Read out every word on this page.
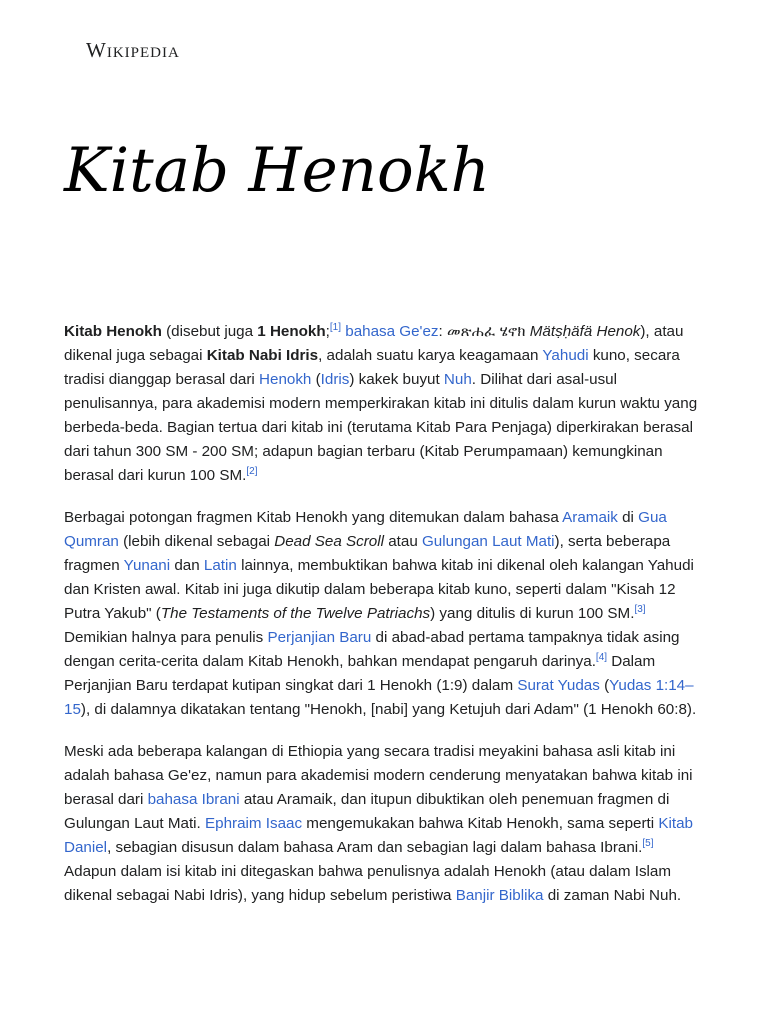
Wikipedia
Kitab Henokh

Kitab Henokh (disebut juga 1 Henokh;[1] bahasa Ge'ez: መጽሐፈ ሄኖክ Mätṣḥäfä Henok), atau dikenal juga sebagai Kitab Nabi Idris, adalah suatu karya keagamaan Yahudi kuno, secara tradisi dianggap berasal dari Henokh (Idris) kakek buyut Nuh. Dilihat dari asal-usul penulisannya, para akademisi modern memperkirakan kitab ini ditulis dalam kurun waktu yang berbeda-beda. Bagian tertua dari kitab ini (terutama Kitab Para Penjaga) diperkirakan berasal dari tahun 300 SM - 200 SM; adapun bagian terbaru (Kitab Perumpamaan) kemungkinan berasal dari kurun 100 SM.[2]

Berbagai potongan fragmen Kitab Henokh yang ditemukan dalam bahasa Aramaik di Gua Qumran (lebih dikenal sebagai Dead Sea Scroll atau Gulungan Laut Mati), serta beberapa fragmen Yunani dan Latin lainnya, membuktikan bahwa kitab ini dikenal oleh kalangan Yahudi dan Kristen awal. Kitab ini juga dikutip dalam beberapa kitab kuno, seperti dalam "Kisah 12 Putra Yakub" (The Testaments of the Twelve Patriachs) yang ditulis di kurun 100 SM.[3] Demikian halnya para penulis Perjanjian Baru di abad-abad pertama tampaknya tidak asing dengan cerita-cerita dalam Kitab Henokh, bahkan mendapat pengaruh darinya.[4] Dalam Perjanjian Baru terdapat kutipan singkat dari 1 Henokh (1:9) dalam Surat Yudas (Yudas 1:14–15), di dalamnya dikatakan tentang "Henokh, [nabi] yang Ketujuh dari Adam" (1 Henokh 60:8).

Meski ada beberapa kalangan di Ethiopia yang secara tradisi meyakini bahasa asli kitab ini adalah bahasa Ge'ez, namun para akademisi modern cenderung menyatakan bahwa kitab ini berasal dari bahasa Ibrani atau Aramaik, dan itupun dibuktikan oleh penemuan fragmen di Gulungan Laut Mati. Ephraim Isaac mengemukakan bahwa Kitab Henokh, sama seperti Kitab Daniel, sebagian disusun dalam bahasa Aram dan sebagian lagi dalam bahasa Ibrani.[5] Adapun dalam isi kitab ini ditegaskan bahwa penulisnya adalah Henokh (atau dalam Islam dikenal sebagai Nabi Idris), yang hidup sebelum peristiwa Banjir Biblika di zaman Nabi Nuh.
